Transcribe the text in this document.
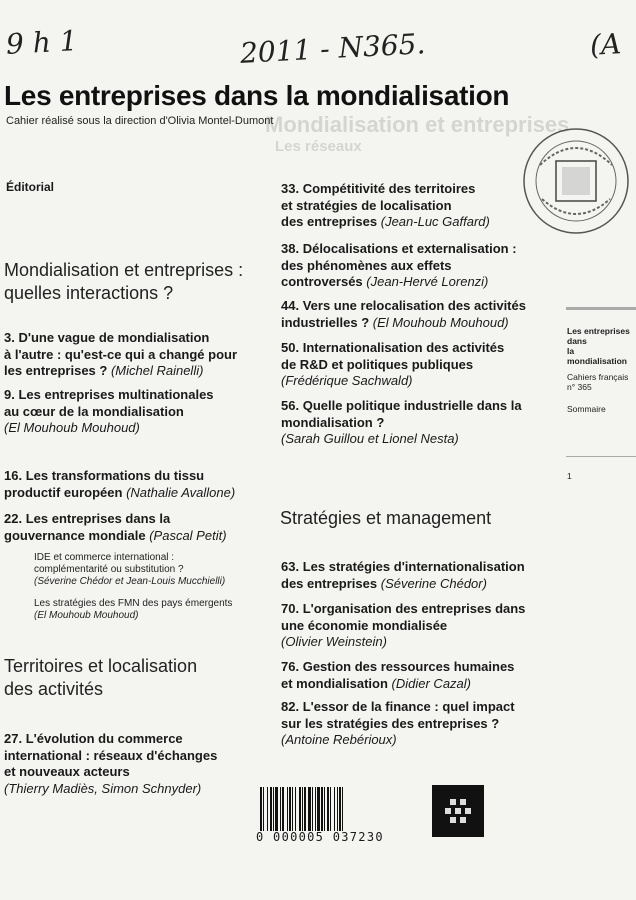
9 h 1	2011 - N365.	(A
Mondialisation et entreprises
Les réseaux
Les entreprises dans la mondialisation
Cahier réalisé sous la direction d'Olivia Montel-Dumont
Éditorial
Mondialisation et entreprises :
quelles interactions ?
3. D'une vague de mondialisation
à l'autre : qu'est-ce qui a changé pour
les entreprises ? (Michel Rainelli)
9. Les entreprises multinationales
au cœur de la mondialisation
(El Mouhoub Mouhoud)
16. Les transformations du tissu
productif européen (Nathalie Avallone)
22. Les entreprises dans la
gouvernance mondiale (Pascal Petit)
IDE et commerce international :
complémentarité ou substitution ?
(Séverine Chédor et Jean-Louis Mucchielli)
Les stratégies des FMN des pays émergents
(El Mouhoub Mouhoud)
Territoires et localisation
des activités
27. L'évolution du commerce
international : réseaux d'échanges
et nouveaux acteurs
(Thierry Madiès, Simon Schnyder)
33. Compétitivité des territoires
et stratégies de localisation
des entreprises (Jean-Luc Gaffard)
38. Délocalisations et externalisation :
des phénomènes aux effets
controversés (Jean-Hervé Lorenzi)
44. Vers une relocalisation des activités
industrielles ? (El Mouhoub Mouhoud)
50. Internationalisation des activités
de R&D et politiques publiques
(Frédérique Sachwald)
56. Quelle politique industrielle dans la
mondialisation ?
(Sarah Guillou et Lionel Nesta)
Stratégies et management
63. Les stratégies d'internationalisation
des entreprises (Séverine Chédor)
70. L'organisation des entreprises dans
une économie mondialisée
(Olivier Weinstein)
76. Gestion des ressources humaines
et mondialisation (Didier Cazal)
82. L'essor de la finance : quel impact
sur les stratégies des entreprises ?
(Antoine Rebérioux)
Les entreprises
dans
la mondialisation
Cahiers français
n° 365
Sommaire
1
0 000005 037230
